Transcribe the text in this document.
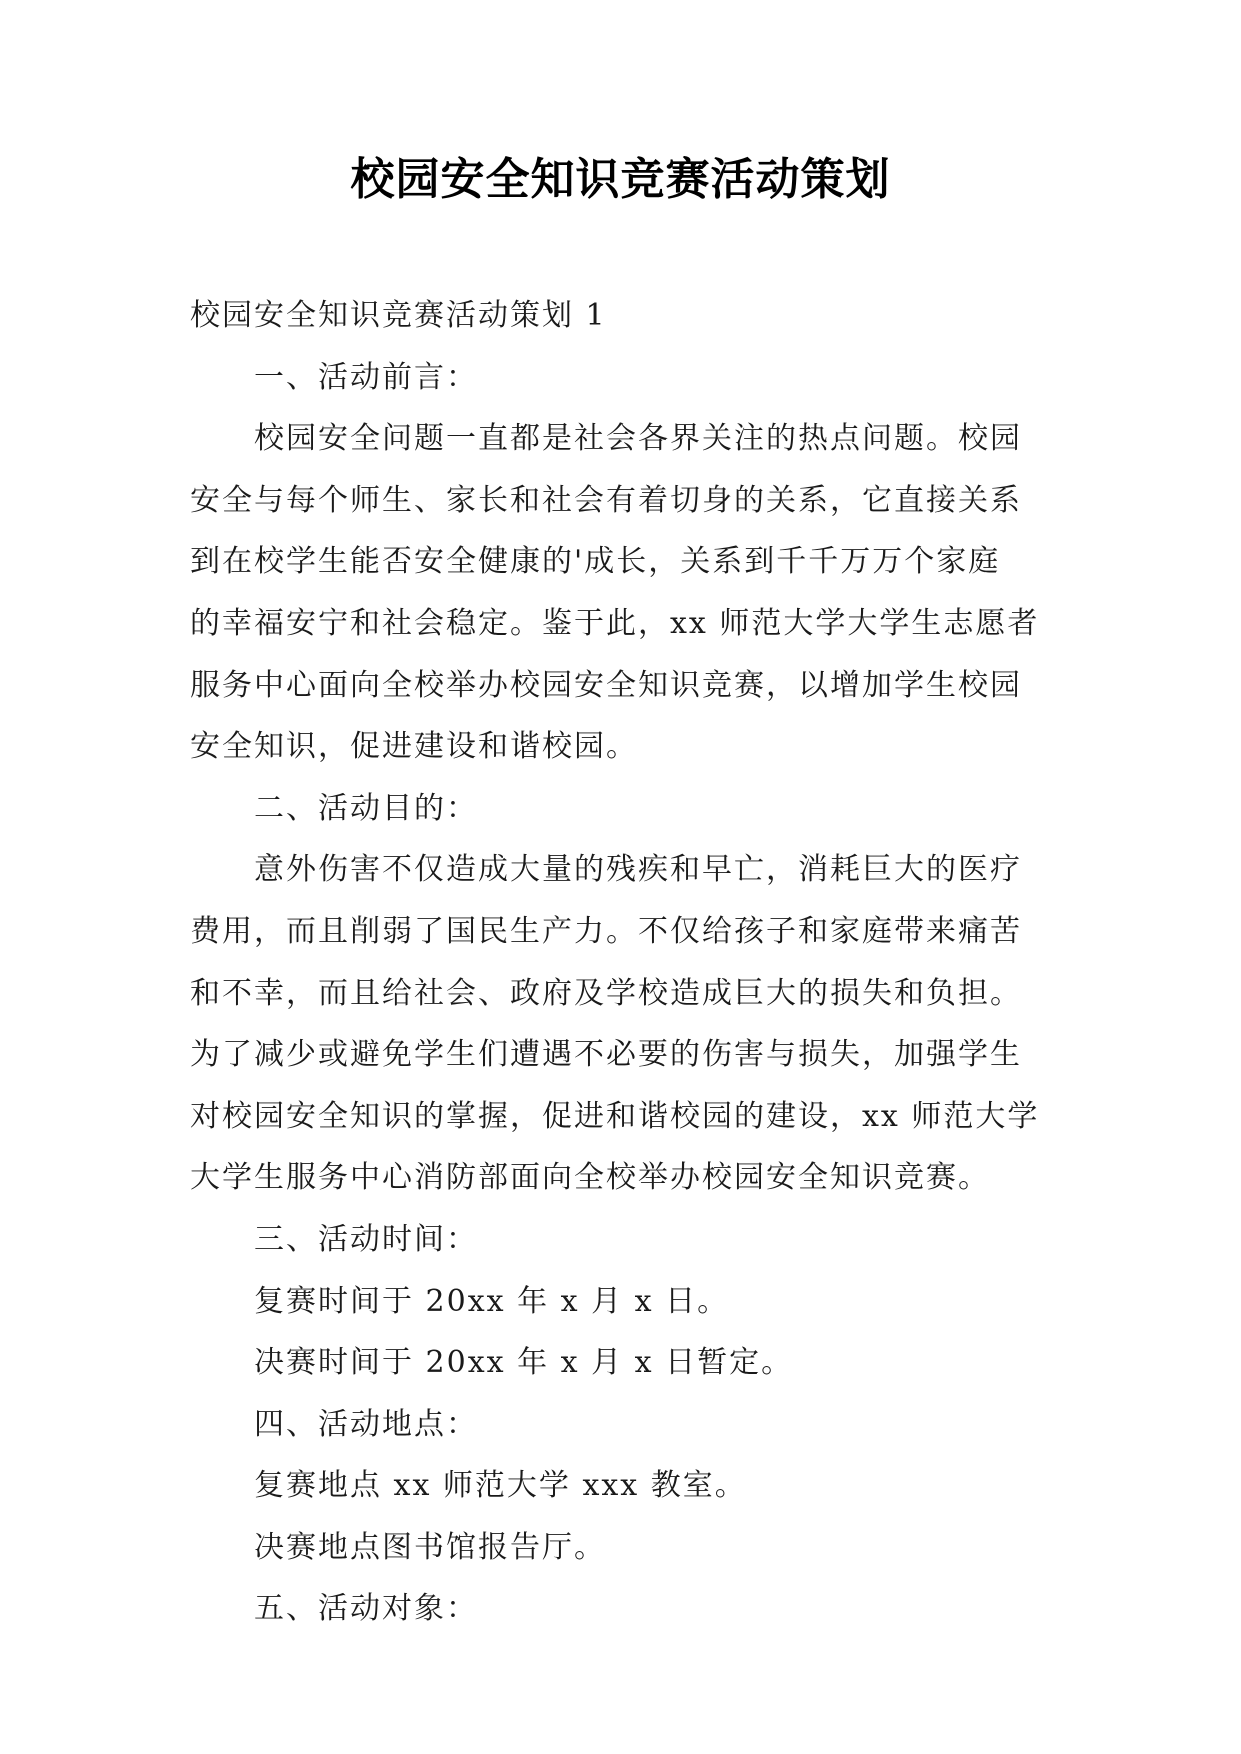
校园安全知识竞赛活动策划

校园安全知识竞赛活动策划 1

一、活动前言：

校园安全问题一直都是社会各界关注的热点问题。校园

安全与每个师生、家长和社会有着切身的关系，它直接关系

到在校学生能否安全健康的'成长，关系到千千万万个家庭

的幸福安宁和社会稳定。鉴于此，xx 师范大学大学生志愿者

服务中心面向全校举办校园安全知识竞赛，以增加学生校园

安全知识，促进建设和谐校园。

二、活动目的：

意外伤害不仅造成大量的残疾和早亡，消耗巨大的医疗

费用，而且削弱了国民生产力。不仅给孩子和家庭带来痛苦

和不幸，而且给社会、政府及学校造成巨大的损失和负担。

为了减少或避免学生们遭遇不必要的伤害与损失，加强学生

对校园安全知识的掌握，促进和谐校园的建设，xx 师范大学

大学生服务中心消防部面向全校举办校园安全知识竞赛。

三、活动时间：

复赛时间于 20xx 年 x 月 x 日。

决赛时间于 20xx 年 x 月 x 日暂定。

四、活动地点：

复赛地点 xx 师范大学 xxx 教室。

决赛地点图书馆报告厅。

五、活动对象：
